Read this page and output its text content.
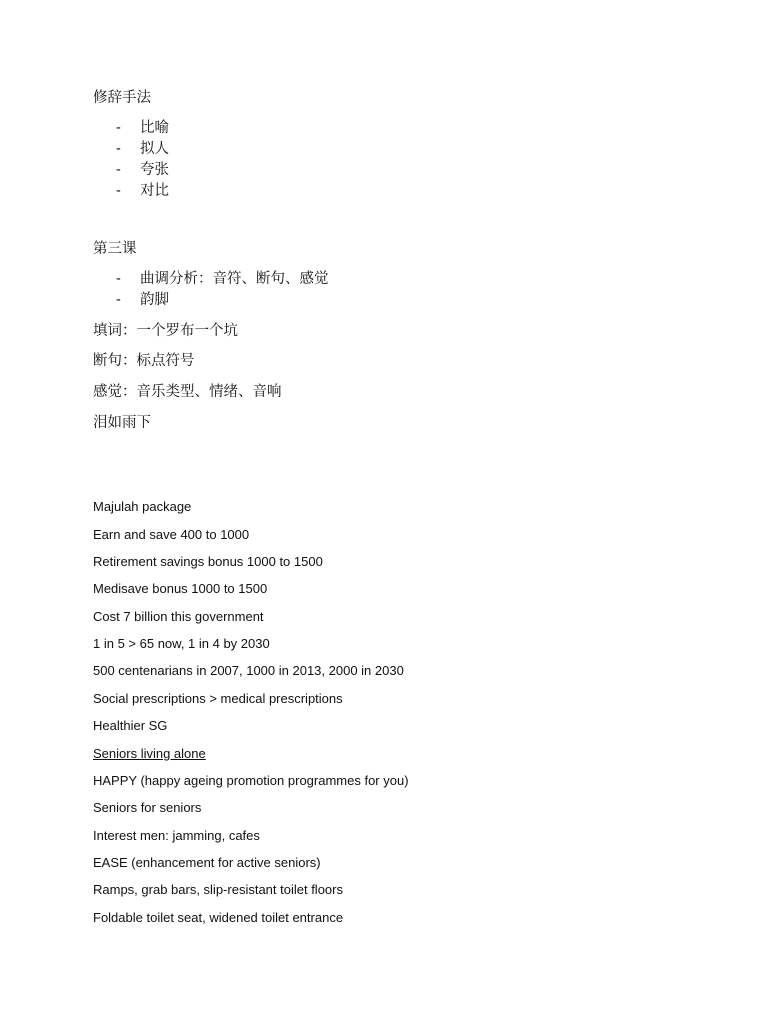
修辞手法
- 比喻
- 拟人
- 夸张
- 对比
第三课
- 曲调分析：音符、断句、感觉
- 韵脚
填词：一个罗布一个坑
断句：标点符号
感觉：音乐类型、情绪、音响
泪如雨下
Majulah package
Earn and save 400 to 1000
Retirement savings bonus 1000 to 1500
Medisave bonus 1000 to 1500
Cost 7 billion this government
1 in 5 > 65 now, 1 in 4 by 2030
500 centenarians in 2007, 1000 in 2013, 2000 in 2030
Social prescriptions > medical prescriptions
Healthier SG
Seniors living alone
HAPPY (happy ageing promotion programmes for you)
Seniors for seniors
Interest men: jamming, cafes
EASE (enhancement for active seniors)
Ramps, grab bars, slip-resistant toilet floors
Foldable toilet seat, widened toilet entrance
